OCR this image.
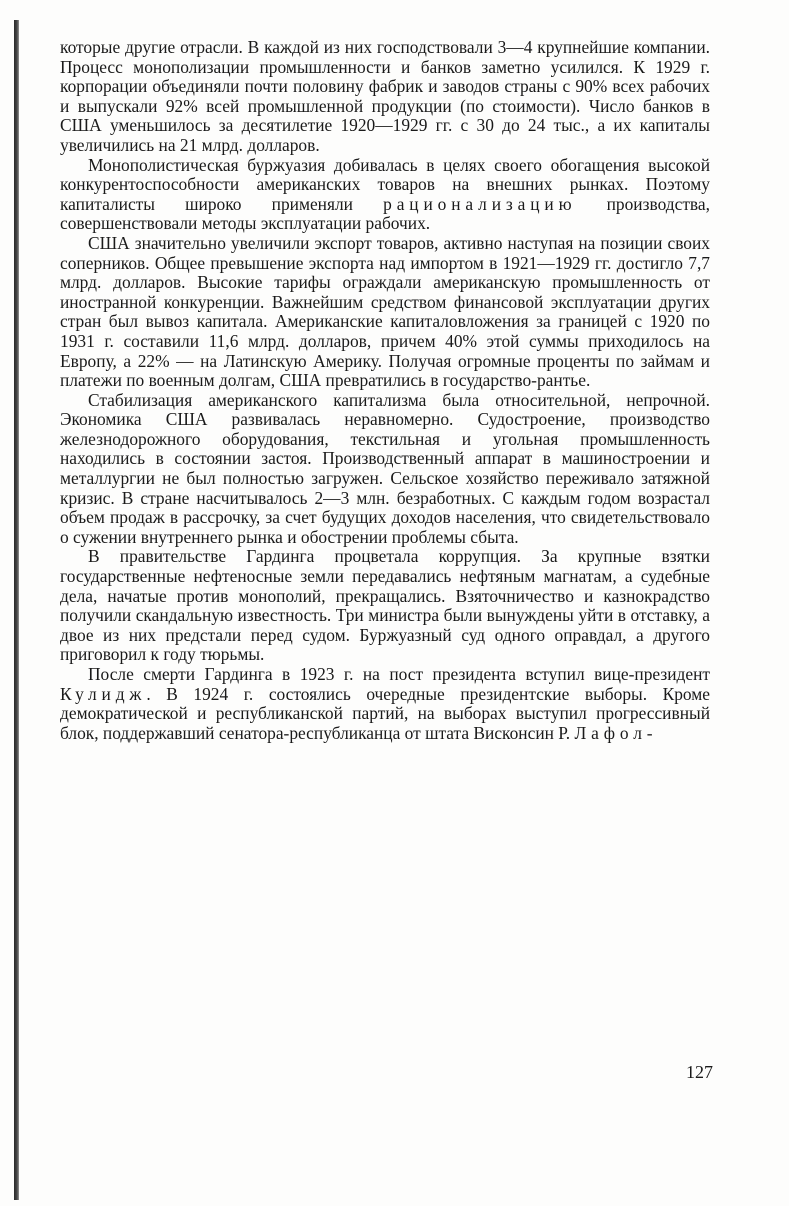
которые другие отрасли. В каждой из них господствовали 3—4 крупнейшие компании. Процесс монополизации промышленности и банков заметно усилился. К 1929 г. корпорации объединяли почти половину фабрик и заводов страны с 90% всех рабочих и выпускали 92% всей промышленной продукции (по стоимости). Число банков в США уменьшилось за десятилетие 1920—1929 гг. с 30 до 24 тыс., а их капиталы увеличились на 21 млрд. долларов.

Монополистическая буржуазия добивалась в целях своего обогащения высокой конкурентоспособности американских товаров на внешних рынках. Поэтому капиталисты широко применяли рационализацию производства, совершенствовали методы эксплуатации рабочих.

США значительно увеличили экспорт товаров, активно наступая на позиции своих соперников. Общее превышение экспорта над импортом в 1921—1929 гг. достигло 7,7 млрд. долларов. Высокие тарифы ограждали американскую промышленность от иностранной конкуренции. Важнейшим средством финансовой эксплуатации других стран был вывоз капитала. Американские капиталовложения за границей с 1920 по 1931 г. составили 11,6 млрд. долларов, причем 40% этой суммы приходилось на Европу, а 22% — на Латинскую Америку. Получая огромные проценты по займам и платежи по военным долгам, США превратились в государство-рантье.

Стабилизация американского капитализма была относительной, непрочной. Экономика США развивалась неравномерно. Судостроение, производство железнодорожного оборудования, текстильная и угольная промышленность находились в состоянии застоя. Производственный аппарат в машиностроении и металлургии не был полностью загружен. Сельское хозяйство переживало затяжной кризис. В стране насчитывалось 2—3 млн. безработных. С каждым годом возрастал объем продаж в рассрочку, за счет будущих доходов населения, что свидетельствовало о сужении внутреннего рынка и обострении проблемы сбыта.

В правительстве Гардинга процветала коррупция. За крупные взятки государственные нефтеносные земли передавались нефтяным магнатам, а судебные дела, начатые против монополий, прекращались. Взяточничество и казнокрадство получили скандальную известность. Три министра были вынуждены уйти в отставку, а двое из них предстали перед судом. Буржуазный суд одного оправдал, а другого приговорил к году тюрьмы.

После смерти Гардинга в 1923 г. на пост президента вступил вице-президент Кулидж. В 1924 г. состоялись очередные президентские выборы. Кроме демократической и республиканской партий, на выборах выступил прогрессивный блок, поддержавший сенатора-республиканца от штата Висконсин Р. Лафол-

127
